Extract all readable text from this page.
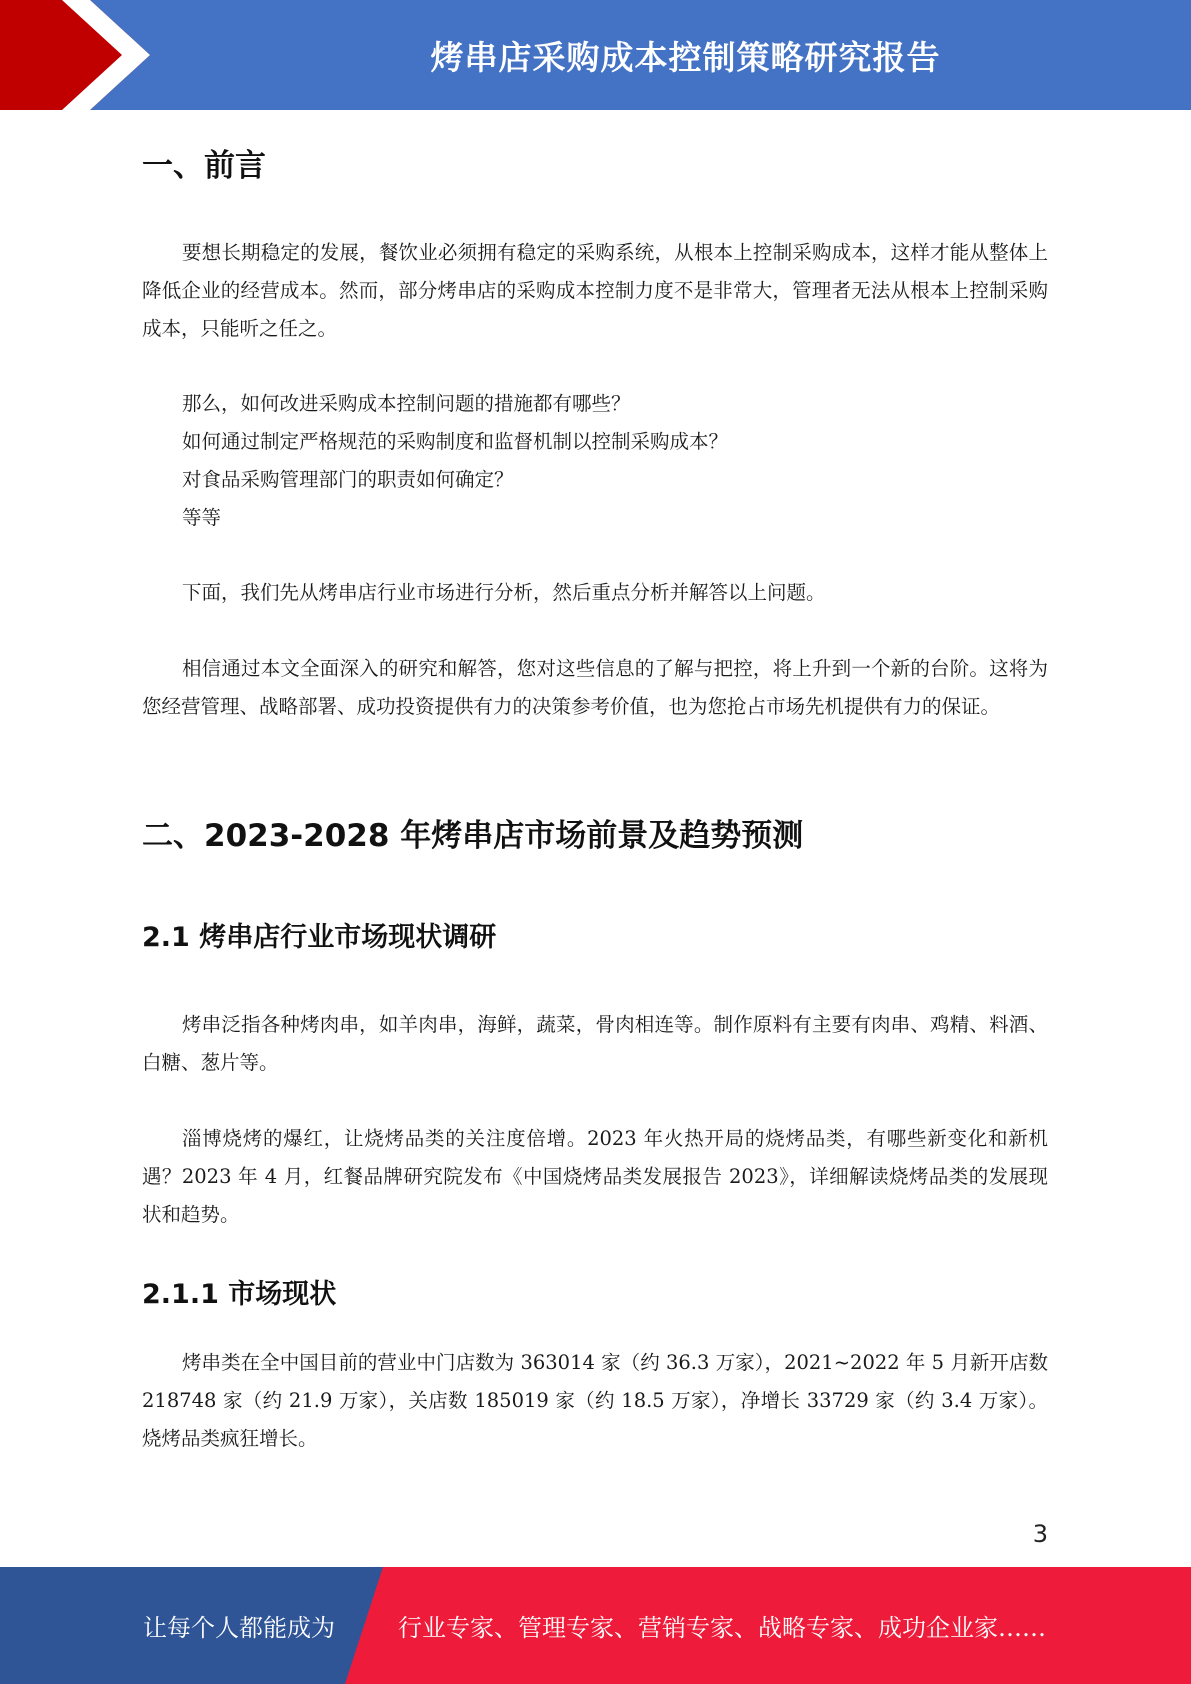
烤串店采购成本控制策略研究报告
一、前言

要想长期稳定的发展，餐饮业必须拥有稳定的采购系统，从根本上控制采购成本，这样才能从整体上降低企业的经营成本。然而，部分烤串店的采购成本控制力度不是非常大，管理者无法从根本上控制采购成本，只能听之任之。

那么，如何改进采购成本控制问题的措施都有哪些？

如何通过制定严格规范的采购制度和监督机制以控制采购成本？

对食品采购管理部门的职责如何确定？

等等

下面，我们先从烤串店行业市场进行分析，然后重点分析并解答以上问题。

相信通过本文全面深入的研究和解答，您对这些信息的了解与把控，将上升到一个新的台阶。这将为您经营管理、战略部署、成功投资提供有力的决策参考价值，也为您抢占市场先机提供有力的保证。

二、2023-2028 年烤串店市场前景及趋势预测
2.1 烤串店行业市场现状调研

烤串泛指各种烤肉串，如羊肉串，海鲜，蔬菜，骨肉相连等。制作原料有主要有肉串、鸡精、料酒、白糖、葱片等。

淄博烧烤的爆红，让烧烤品类的关注度倍增。2023 年火热开局的烧烤品类，有哪些新变化和新机遇？2023 年 4 月，红餐品牌研究院发布《中国烧烤品类发展报告 2023》，详细解读烧烤品类的发展现状和趋势。

2.1.1 市场现状

烤串类在全中国目前的营业中门店数为 363014 家（约 36.3 万家），2021~2022 年 5 月新开店数 218748 家（约 21.9 万家），关店数 185019 家（约 18.5 万家），净增长 33729 家（约 3.4 万家）。烧烤品类疯狂增长。

3
让每个人都能成为	行业专家、管理专家、营销专家、战略专家、成功企业家……
